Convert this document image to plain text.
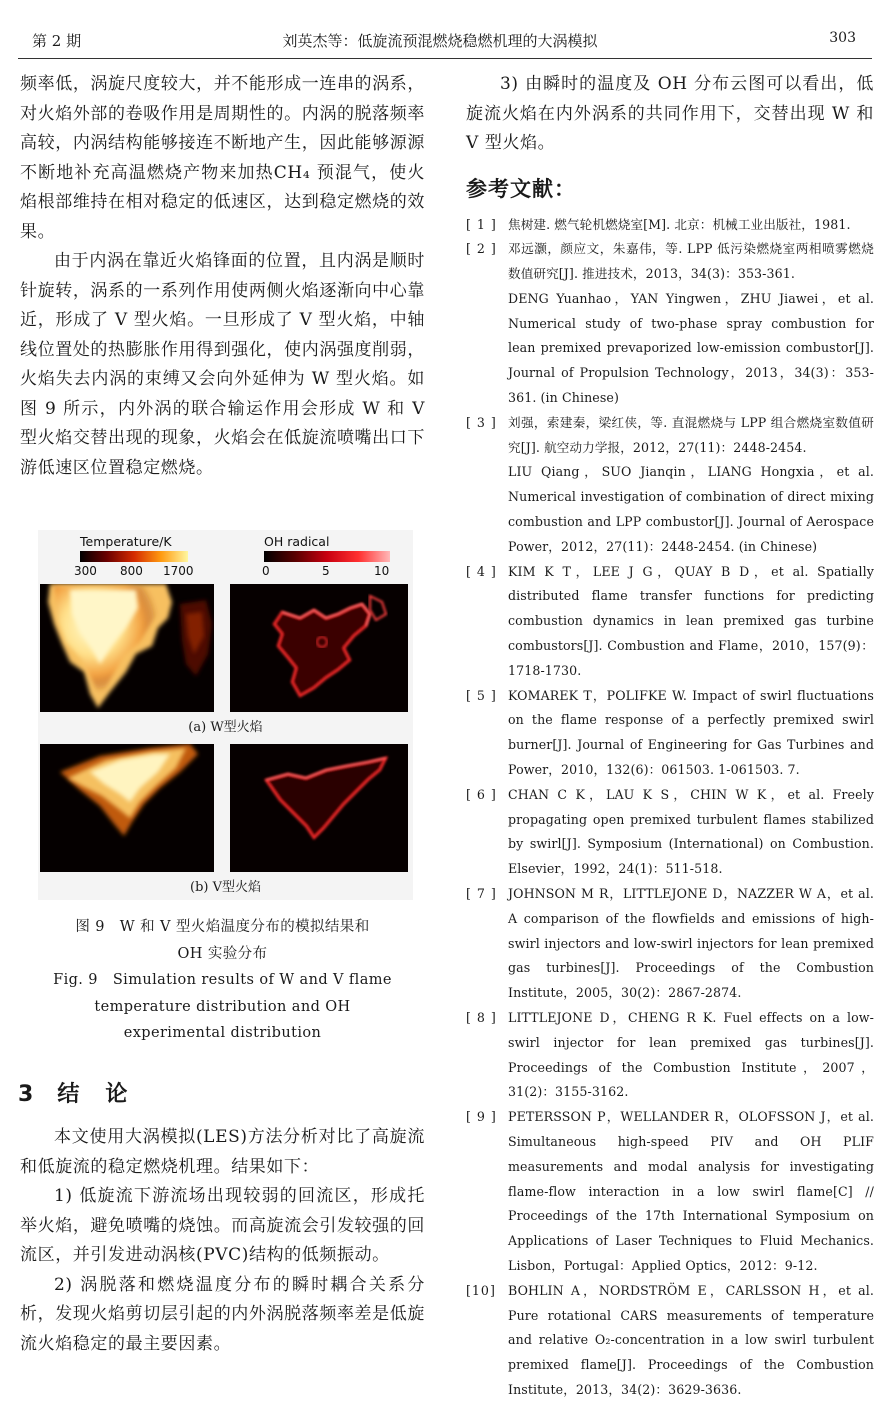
第 2 期	刘英杰等：低旋流预混燃烧稳燃机理的大涡模拟	303

频率低，涡旋尺度较大，并不能形成一连串的涡系，对火焰外部的卷吸作用是周期性的。内涡的脱落频率高较，内涡结构能够接连不断地产生，因此能够源源不断地补充高温燃烧产物来加热CH₄ 预混气，使火焰根部维持在相对稳定的低速区，达到稳定燃烧的效果。

由于内涡在靠近火焰锋面的位置，且内涡是顺时针旋转，涡系的一系列作用使两侧火焰逐渐向中心靠近，形成了 V 型火焰。一旦形成了 V 型火焰，中轴线位置处的热膨胀作用得到强化，使内涡强度削弱，火焰失去内涡的束缚又会向外延伸为 W 型火焰。如图 9 所示，内外涡的联合输运作用会形成 W 和 V 型火焰交替出现的现象，火焰会在低旋流喷嘴出口下游低速区位置稳定燃烧。

Temperature/K
300 800 1700
OH radical
0	5	10
(a) W型火焰
(b) V型火焰
图 9　W 和 V 型火焰温度分布的模拟结果和
OH 实验分布
Fig. 9　Simulation results of W and V flame
temperature distribution and OH
experimental distribution
3 结 论

本文使用大涡模拟(LES)方法分析对比了高旋流和低旋流的稳定燃烧机理。结果如下：

1) 低旋流下游流场出现较弱的回流区，形成托举火焰，避免喷嘴的烧蚀。而高旋流会引发较强的回流区，并引发进动涡核(PVC)结构的低频振动。

2) 涡脱落和燃烧温度分布的瞬时耦合关系分析，发现火焰剪切层引起的内外涡脱落频率差是低旋流火焰稳定的最主要因素。

3) 由瞬时的温度及 OH 分布云图可以看出，低旋流火焰在内外涡系的共同作用下，交替出现 W 和 V 型火焰。

参考文献：
[ 1 ] 焦树建. 燃气轮机燃烧室[M]. 北京：机械工业出版社，1981.

[ 2 ] 邓远灏，颜应文，朱嘉伟，等. LPP 低污染燃烧室两相喷雾燃烧数值研究[J]. 推进技术，2013，34(3)：353-361.

DENG Yuanhao，YAN Yingwen，ZHU Jiawei，et al. Numerical study of two-phase spray combustion for lean premixed prevaporized low-emission combustor[J]. Journal of Propulsion Technology，2013，34(3)：353-361. (in Chinese)

[ 3 ] 刘强，索建秦，梁红侠，等. 直混燃烧与 LPP 组合燃烧室数值研究[J]. 航空动力学报，2012，27(11)：2448-2454.

LIU Qiang，SUO Jianqin，LIANG Hongxia，et al. Numerical investigation of combination of direct mixing combustion and LPP combustor[J]. Journal of Aerospace Power，2012，27(11)：2448-2454. (in Chinese)

[ 4 ] KIM K T，LEE J G，QUAY B D，et al. Spatially distributed flame transfer functions for predicting combustion dynamics in lean premixed gas turbine combustors[J]. Combustion and Flame，2010，157(9)：1718-1730.

[ 5 ] KOMAREK T，POLIFKE W. Impact of swirl fluctuations on the flame response of a perfectly premixed swirl burner[J]. Journal of Engineering for Gas Turbines and Power，2010，132(6)：061503. 1-061503. 7.

[ 6 ] CHAN C K，LAU K S，CHIN W K，et al. Freely propagating open premixed turbulent flames stabilized by swirl[J]. Symposium (International) on Combustion. Elsevier，1992，24(1)：511-518.

[ 7 ] JOHNSON M R，LITTLEJONE D，NAZZER W A，et al. A comparison of the flowfields and emissions of high-swirl injectors and low-swirl injectors for lean premixed gas turbines[J]. Proceedings of the Combustion Institute，2005，30(2)：2867-2874.

[ 8 ] LITTLEJONE D，CHENG R K. Fuel effects on a low-swirl injector for lean premixed gas turbines[J]. Proceedings of the Combustion Institute，2007，31(2)：3155-3162.

[ 9 ] PETERSSON P，WELLANDER R，OLOFSSON J，et al. Simultaneous high-speed PIV and OH PLIF measurements and modal analysis for investigating flame-flow interaction in a low swirl flame[C] // Proceedings of the 17th International Symposium on Applications of Laser Techniques to Fluid Mechanics. Lisbon，Portugal：Applied Optics，2012：9-12.

[10] BOHLIN A，NORDSTRÖM E，CARLSSON H，et al. Pure rotational CARS measurements of temperature and relative O₂-concentration in a low swirl turbulent premixed flame[J]. Proceedings of the Combustion Institute，2013，34(2)：3629-3636.
